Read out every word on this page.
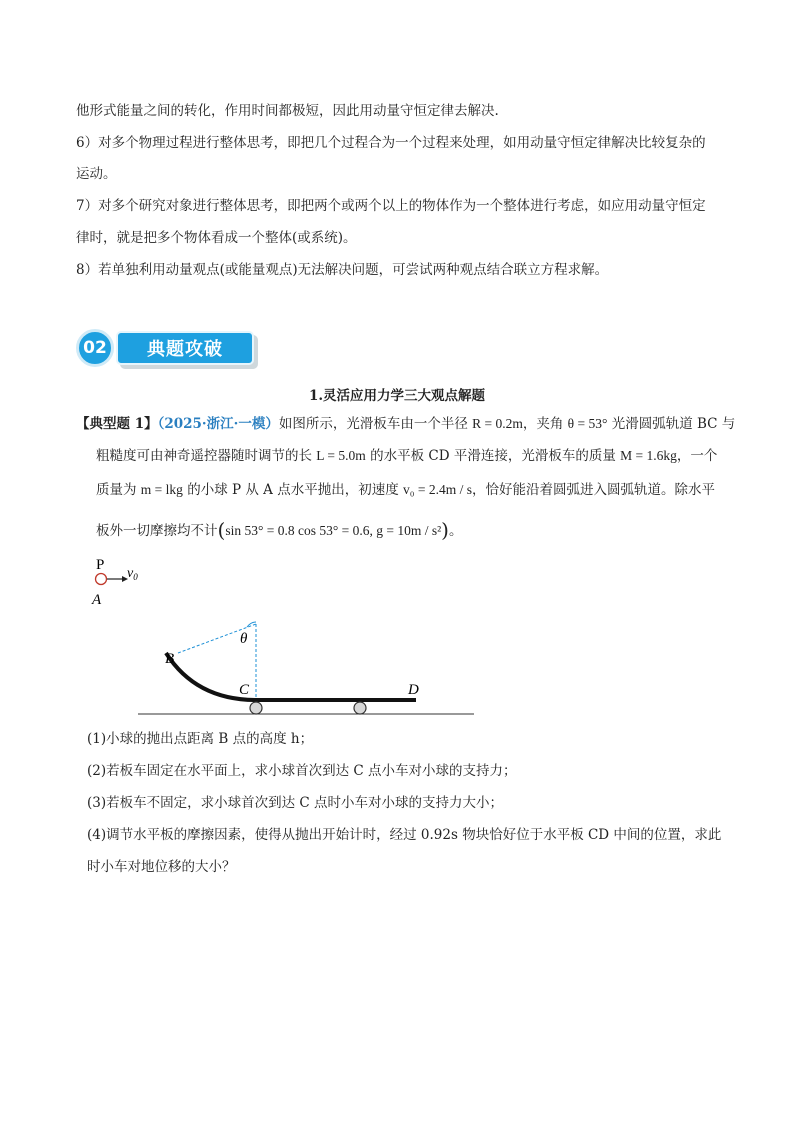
他形式能量之间的转化，作用时间都极短，因此用动量守恒定律去解决.
6）对多个物理过程进行整体思考，即把几个过程合为一个过程来处理，如用动量守恒定律解决比较复杂的
运动。
7）对多个研究对象进行整体思考，即把两个或两个以上的物体作为一个整体进行考虑，如应用动量守恒定
律时，就是把多个物体看成一个整体(或系统)。
8）若单独利用动量观点(或能量观点)无法解决问题，可尝试两种观点结合联立方程求解。
02	典题攻破
1.灵活应用力学三大观点解题
【典型题 1】（2025·浙江·一模）如图所示，光滑板车由一个半径 R = 0.2m，夹角 θ = 53° 光滑圆弧轨道 BC 与
粗糙度可由神奇遥控器随时调节的长 L = 5.0m 的水平板 CD 平滑连接，光滑板车的质量 M = 1.6kg，一个
质量为 m = lkg 的小球 P 从 A 点水平抛出，初速度 v₀ = 2.4m / s，恰好能沿着圆弧进入圆弧轨道。除水平
板外一切摩擦均不计(sin 53° = 0.8 cos 53° = 0.6, g = 10m / s²)。
P
$v_0$
A
θ
B
C	D
(1)小球的抛出点距离 B 点的高度 h；
(2)若板车固定在水平面上，求小球首次到达 C 点小车对小球的支持力；
(3)若板车不固定，求小球首次到达 C 点时小车对小球的支持力大小；
(4)调节水平板的摩擦因素，使得从抛出开始计时，经过 0.92s 物块恰好位于水平板 CD 中间的位置，求此
时小车对地位移的大小？
